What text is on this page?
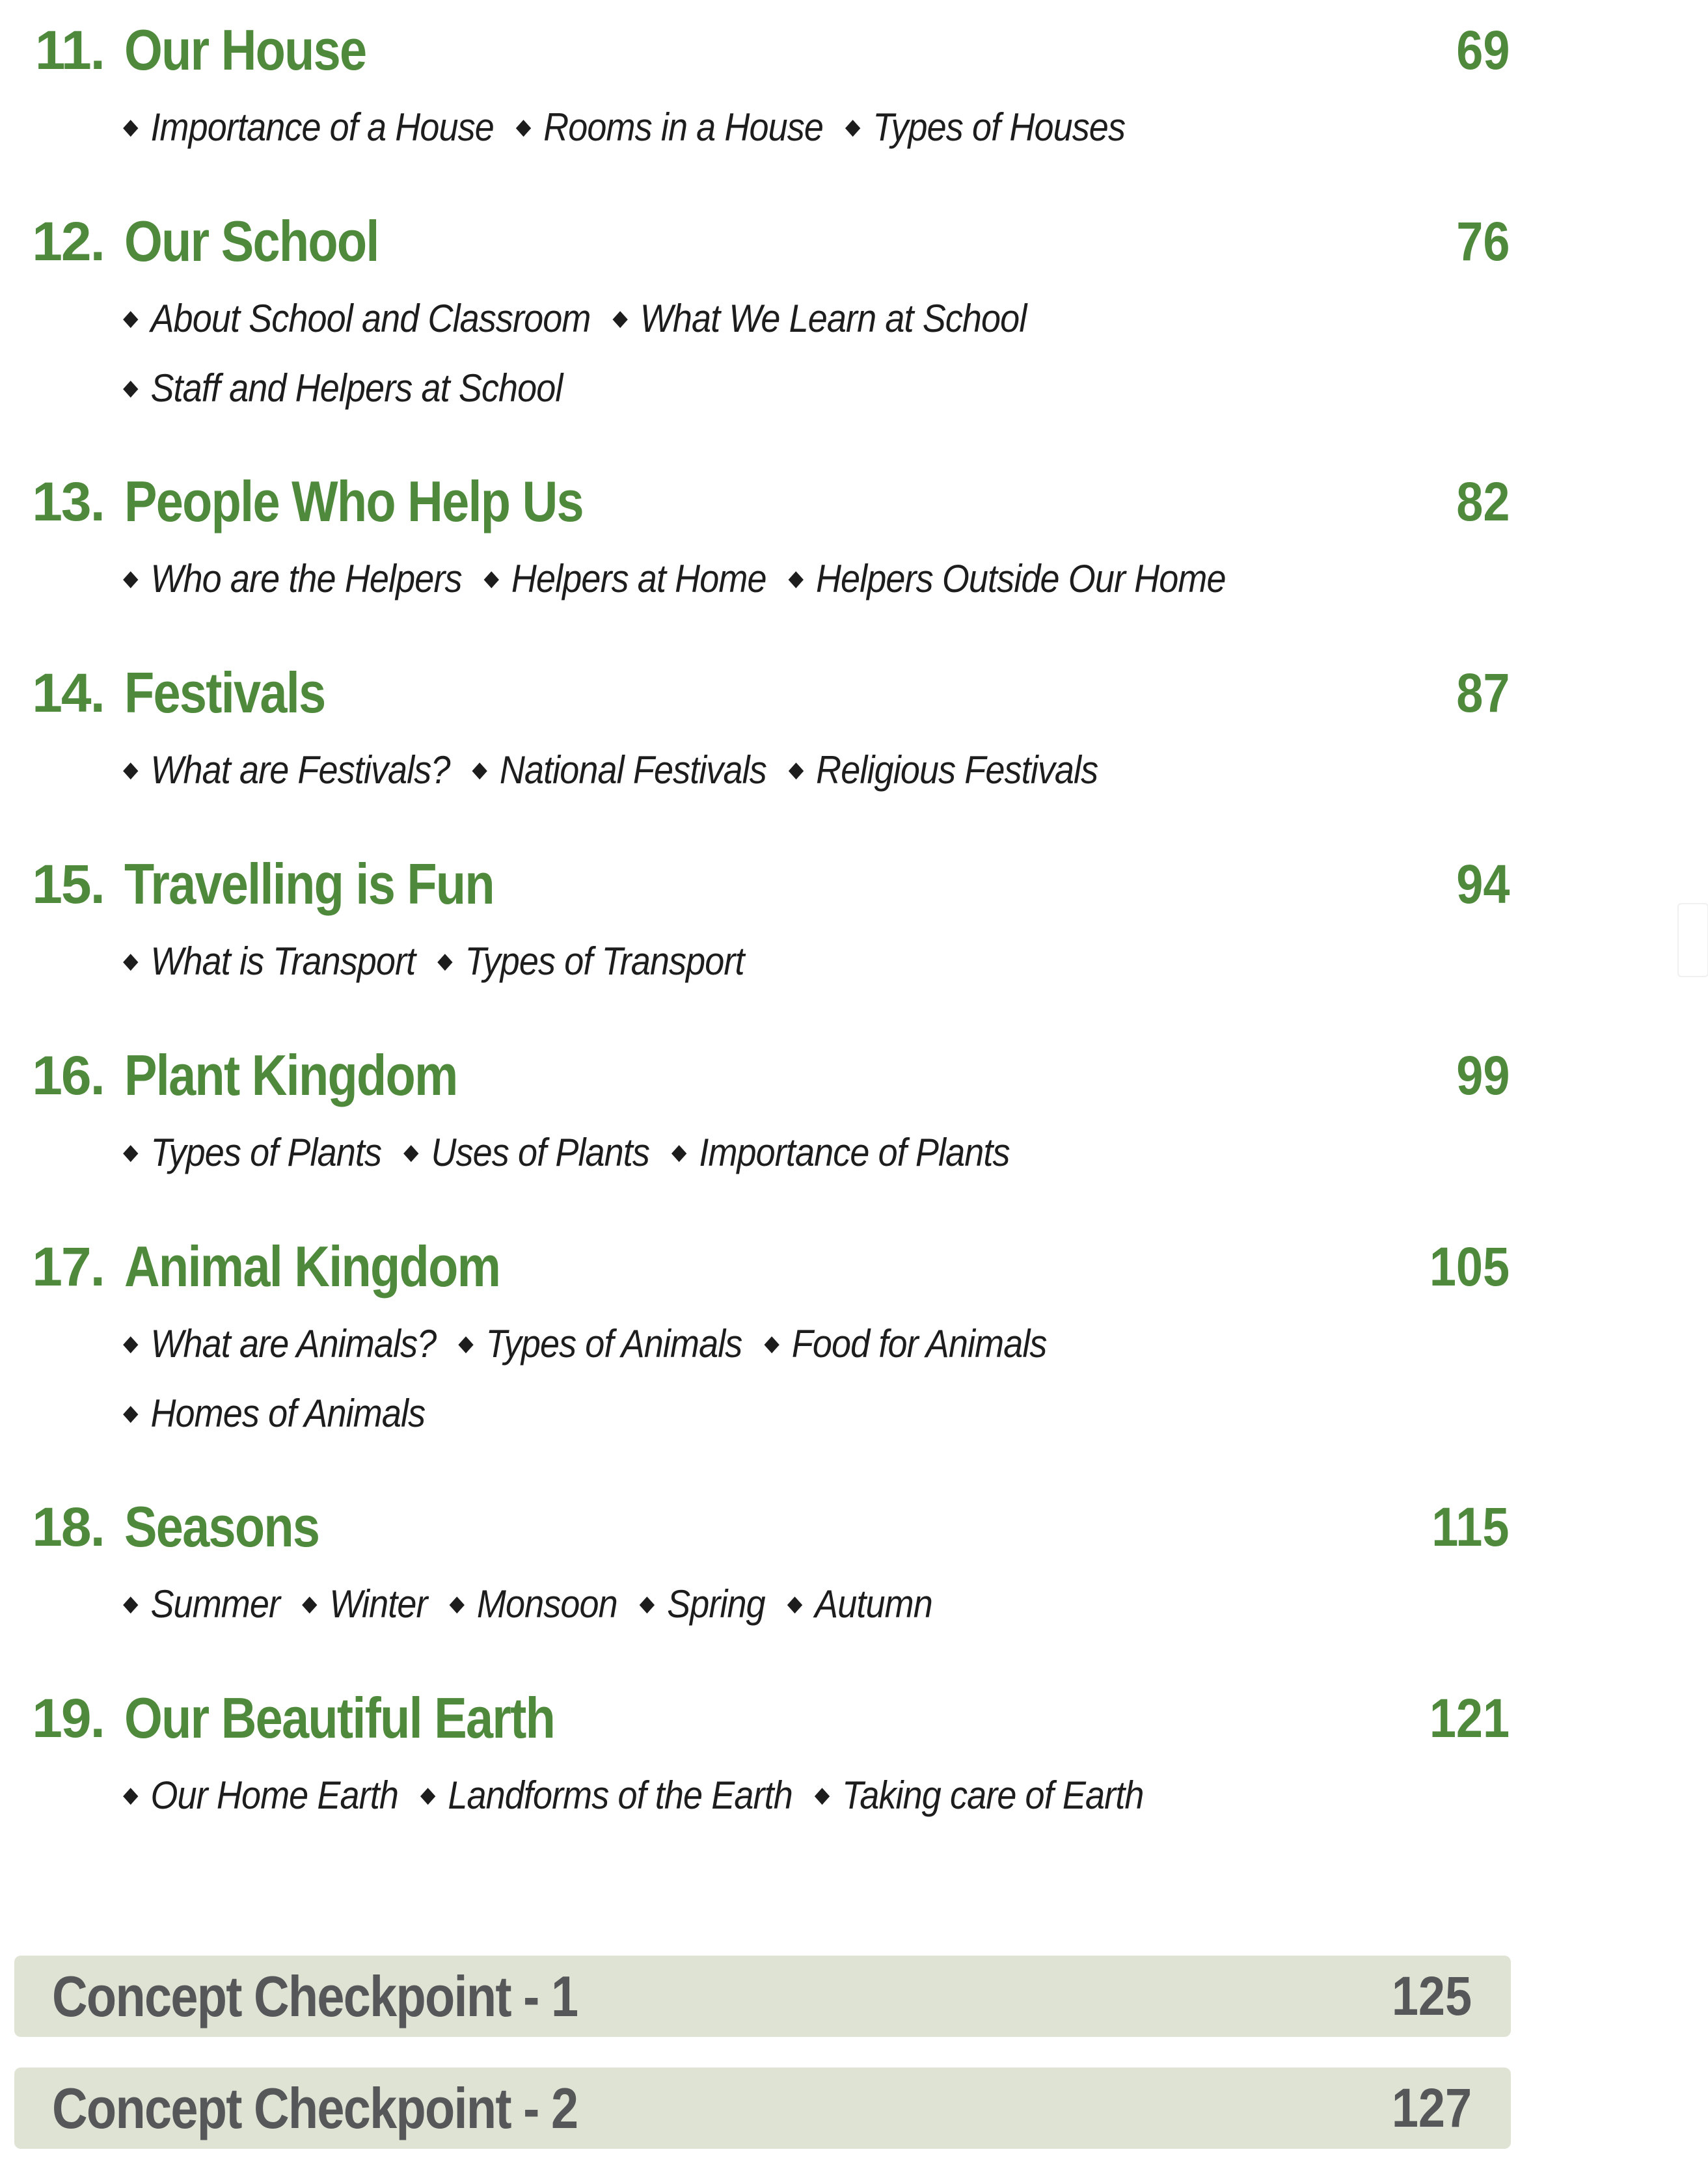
11. Our House	69
◆ Importance of a House ◆ Rooms in a House ◆ Types of Houses
12. Our School	76
◆ About School and Classroom ◆ What We Learn at School
◆ Staff and Helpers at School
13. People Who Help Us	82
◆ Who are the Helpers ◆ Helpers at Home ◆ Helpers Outside Our Home
14. Festivals	87
◆ What are Festivals? ◆ National Festivals ◆ Religious Festivals
15. Travelling is Fun	94
◆ What is Transport ◆ Types of Transport
16. Plant Kingdom	99
◆ Types of Plants ◆ Uses of Plants ◆ Importance of Plants
17. Animal Kingdom	105
◆ What are Animals? ◆ Types of Animals ◆ Food for Animals
◆ Homes of Animals
18. Seasons	115
◆ Summer ◆ Winter ◆ Monsoon ◆ Spring ◆ Autumn
19. Our Beautiful Earth	121
◆ Our Home Earth ◆ Landforms of the Earth ◆ Taking care of Earth
Concept Checkpoint - 1	125
Concept Checkpoint - 2	127
